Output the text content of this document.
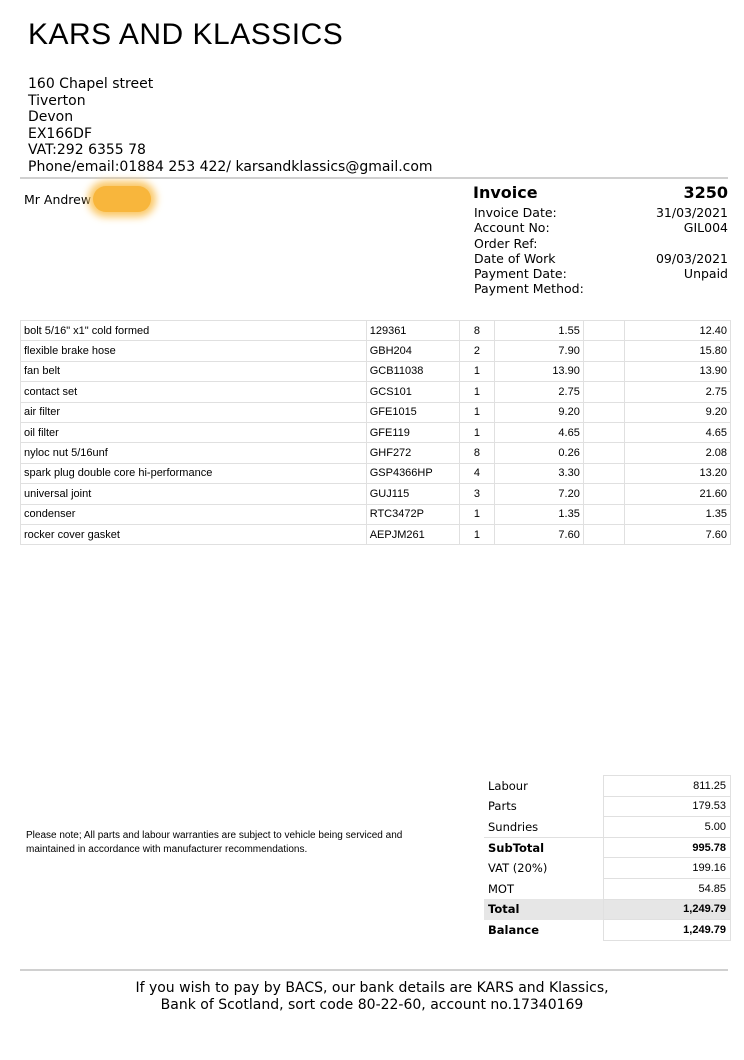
KARS AND KLASSICS
160 Chapel street
Tiverton
Devon
EX166DF
VAT:292 6355 78
Phone/email:01884 253 422/ karsandklassics@gmail.com
Mr Andrew	Invoice	3250
Invoice Date:	31/03/2021
Account No:	GIL004
Order Ref:
Date of Work	09/03/2021
Payment Date:	Unpaid
Payment Method:
bolt 5/16" x1" cold formed	129361	8	1.55		12.40
flexible brake hose	GBH204	2	7.90		15.80
fan belt	GCB11038	1	13.90		13.90
contact set	GCS101	1	2.75		2.75
air filter	GFE1015	1	9.20		9.20
oil filter	GFE119	1	4.65		4.65
nyloc nut 5/16unf	GHF272	8	0.26		2.08
spark plug double core hi-performance	GSP4366HP	4	3.30		13.20
universal joint	GUJ115	3	7.20		21.60
condenser	RTC3472P	1	1.35		1.35
rocker cover gasket	AEPJM261	1	7.60		7.60
Please note; All parts and labour warranties are subject to vehicle being serviced and maintained in accordance with manufacturer recommendations.
Labour	811.25
Parts	179.53
Sundries	5.00
SubTotal	995.78
VAT (20%)	199.16
MOT	54.85
Total	1,249.79
Balance	1,249.79
If you wish to pay by BACS, our bank details are KARS and Klassics,
Bank of Scotland, sort code 80-22-60, account no.17340169
